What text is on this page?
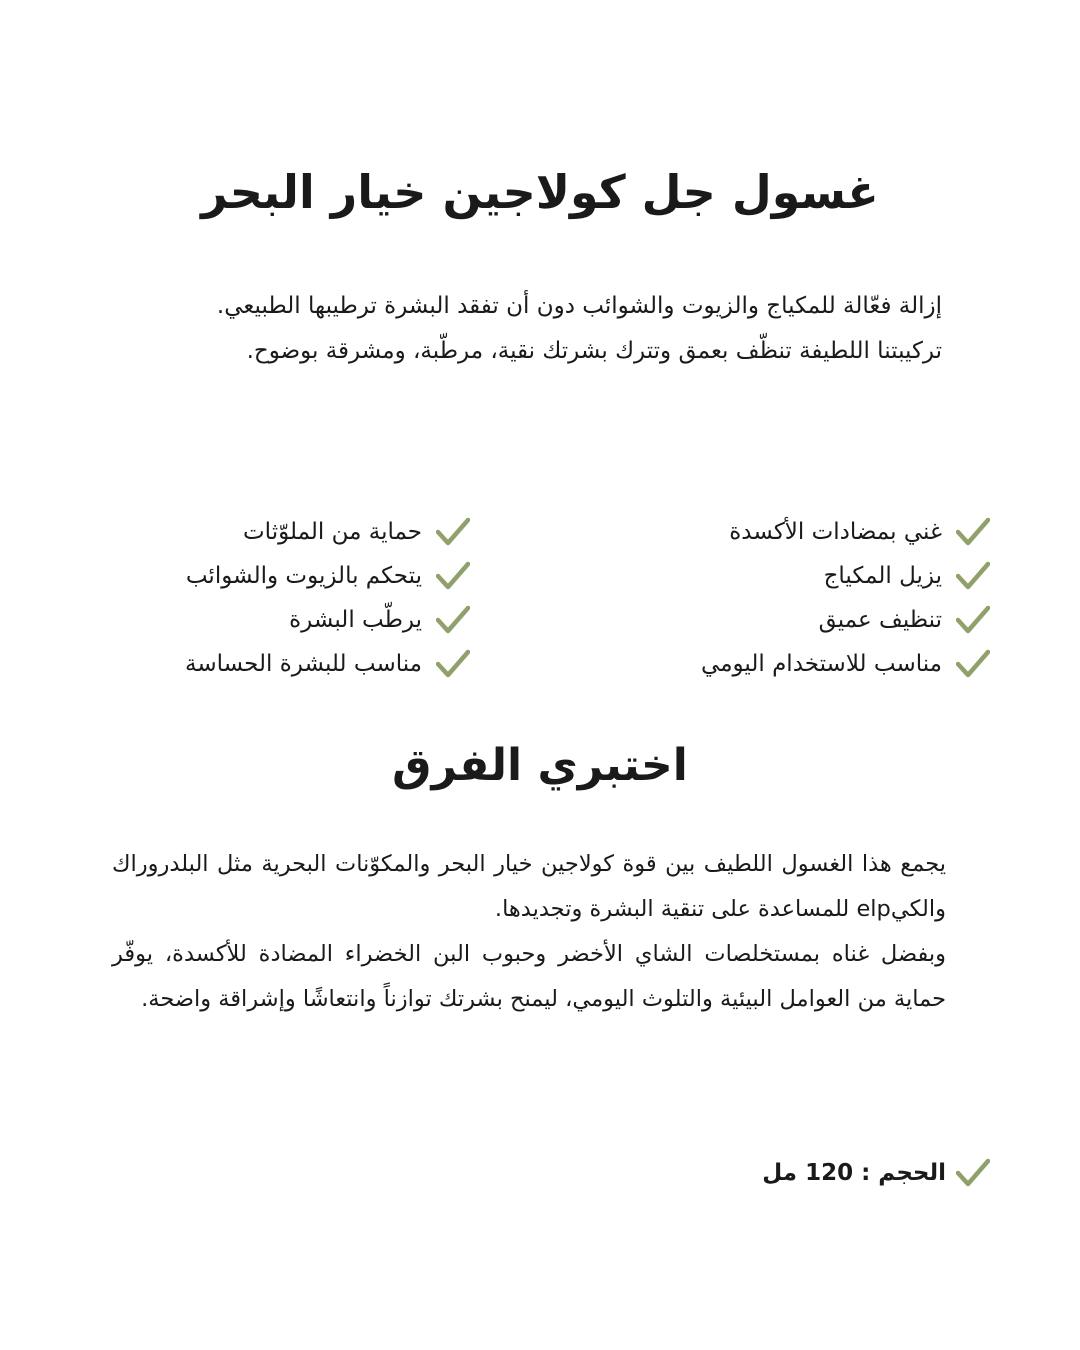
غسول جل كولاجين خيار البحر

إزالة فعّالة للمكياج والزيوت والشوائب دون أن تفقد البشرة ترطيبها الطبيعي.

تركيبتنا اللطيفة تنظّف بعمق وتترك بشرتك نقية، مرطّبة، ومشرقة بوضوح.

غني بمضادات الأكسدة
يزيل المكياج
تنظيف عميق
مناسب للاستخدام اليومي
حماية من الملوّثات
يتحكم بالزيوت والشوائب
يرطّب البشرة
مناسب للبشرة الحساسة
اختبري الفرق

يجمع هذا الغسول اللطيف بين قوة كولاجين خيار البحر والمكوّنات البحرية مثل البلدروراك والكيelp للمساعدة على تنقية البشرة وتجديدها.

وبفضل غناه بمستخلصات الشاي الأخضر وحبوب البن الخضراء المضادة للأكسدة، يوفّر حماية من العوامل البيئية والتلوث اليومي، ليمنح بشرتك توازناً وانتعاشًا وإشراقة واضحة.

الحجم : 120 مل
